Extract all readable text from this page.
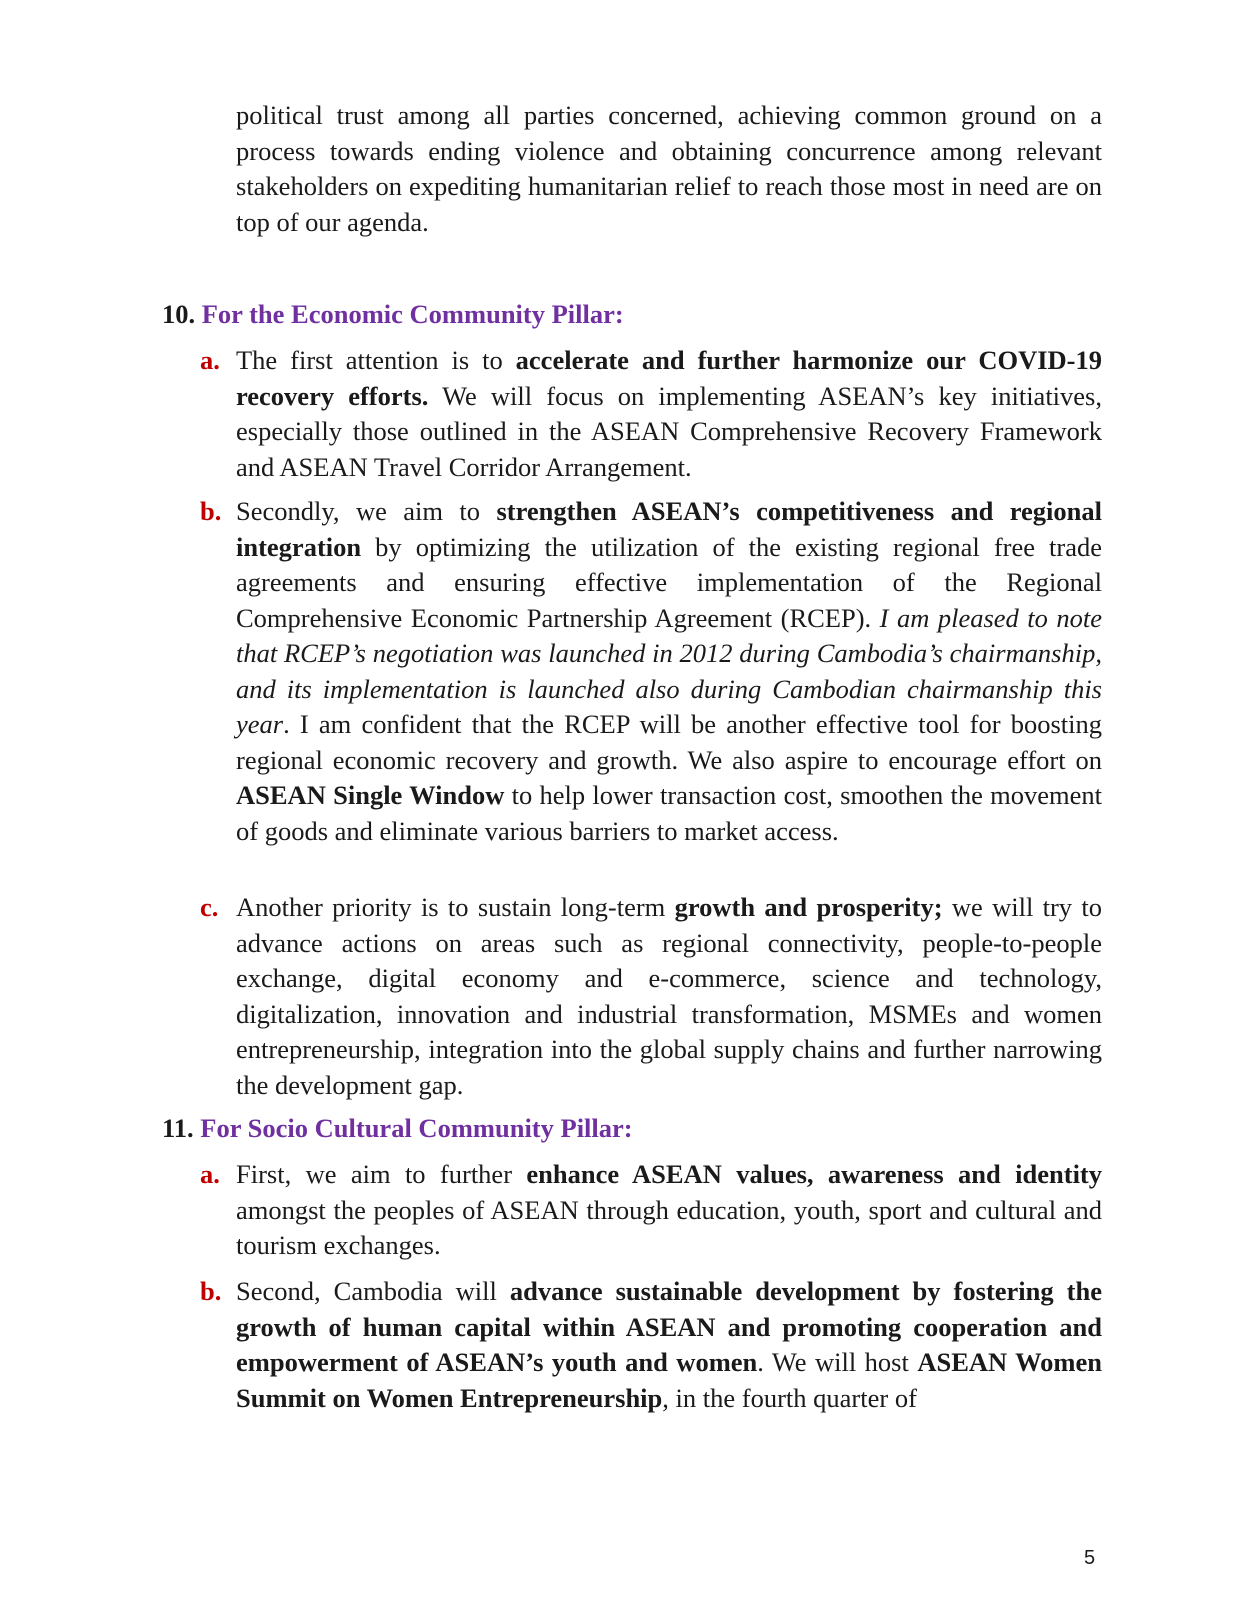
political trust among all parties concerned, achieving common ground on a process towards ending violence and obtaining concurrence among relevant stakeholders on expediting humanitarian relief to reach those most in need are on top of our agenda.

10. For the Economic Community Pillar:
a. The first attention is to accelerate and further harmonize our COVID-19 recovery efforts. We will focus on implementing ASEAN’s key initiatives, especially those outlined in the ASEAN Comprehensive Recovery Framework and ASEAN Travel Corridor Arrangement.
b. Secondly, we aim to strengthen ASEAN’s competitiveness and regional integration by optimizing the utilization of the existing regional free trade agreements and ensuring effective implementation of the Regional Comprehensive Economic Partnership Agreement (RCEP). I am pleased to note that RCEP’s negotiation was launched in 2012 during Cambodia’s chairmanship, and its implementation is launched also during Cambodian chairmanship this year. I am confident that the RCEP will be another effective tool for boosting regional economic recovery and growth. We also aspire to encourage effort on ASEAN Single Window to help lower transaction cost, smoothen the movement of goods and eliminate various barriers to market access.
c. Another priority is to sustain long-term growth and prosperity; we will try to advance actions on areas such as regional connectivity, people-to-people exchange, digital economy and e-commerce, science and technology, digitalization, innovation and industrial transformation, MSMEs and women entrepreneurship, integration into the global supply chains and further narrowing the development gap.
11. For Socio Cultural Community Pillar:
a. First, we aim to further enhance ASEAN values, awareness and identity amongst the peoples of ASEAN through education, youth, sport and cultural and tourism exchanges.
b. Second, Cambodia will advance sustainable development by fostering the growth of human capital within ASEAN and promoting cooperation and empowerment of ASEAN’s youth and women. We will host ASEAN Women Summit on Women Entrepreneurship, in the fourth quarter of
5
